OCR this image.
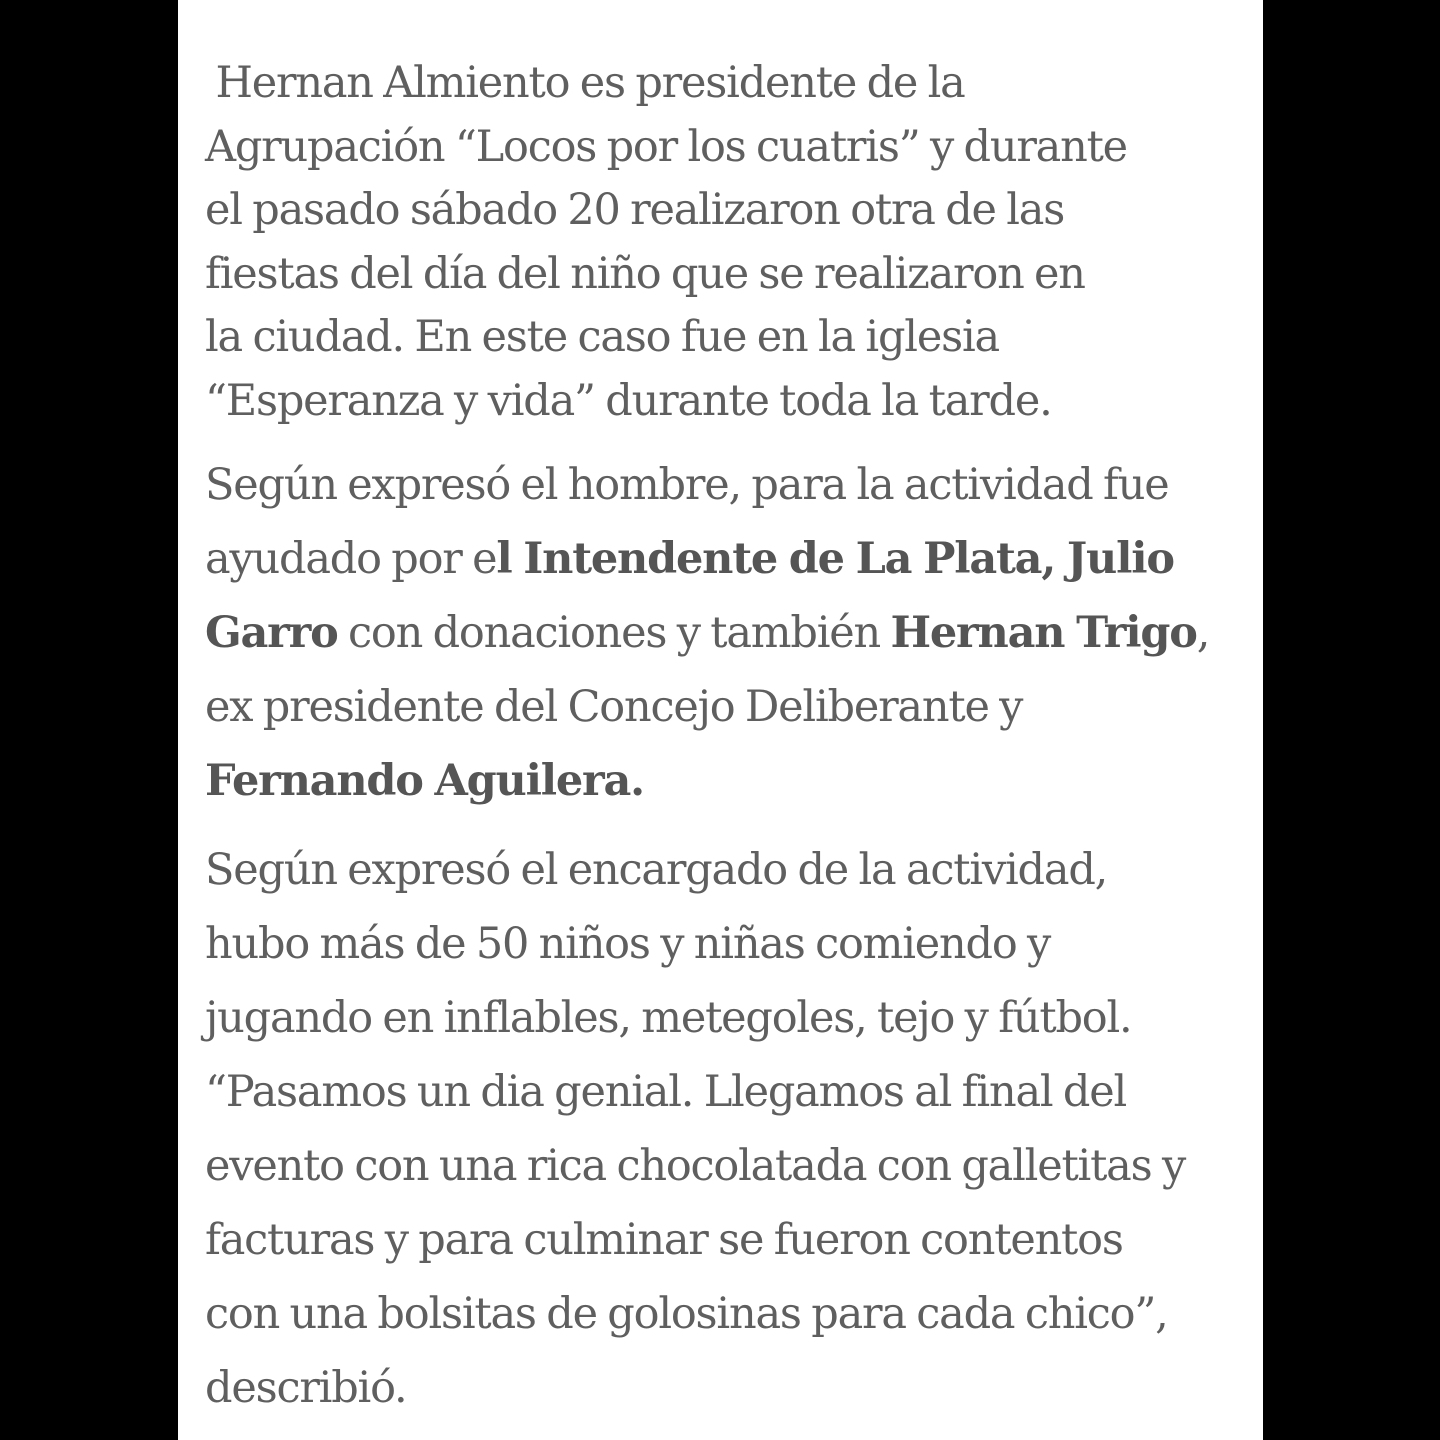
Hernan Almiento es presidente de la
Agrupación “Locos por los cuatris” y durante
el pasado sábado 20 realizaron otra de las
fiestas del día del niño que se realizaron en
la ciudad. En este caso fue en la iglesia
“Esperanza y vida” durante toda la tarde.

Según expresó el hombre, para la actividad fue
ayudado por el Intendente de La Plata, Julio
Garro con donaciones y también Hernan Trigo,
ex presidente del Concejo Deliberante y
Fernando Aguilera.

Según expresó el encargado de la actividad,
hubo más de 50 niños y niñas comiendo y
jugando en inflables, metegoles, tejo y fútbol.
“Pasamos un dia genial. Llegamos al final del
evento con una rica chocolatada con galletitas y
facturas y para culminar se fueron contentos
con una bolsitas de golosinas para cada chico”,
describió.
